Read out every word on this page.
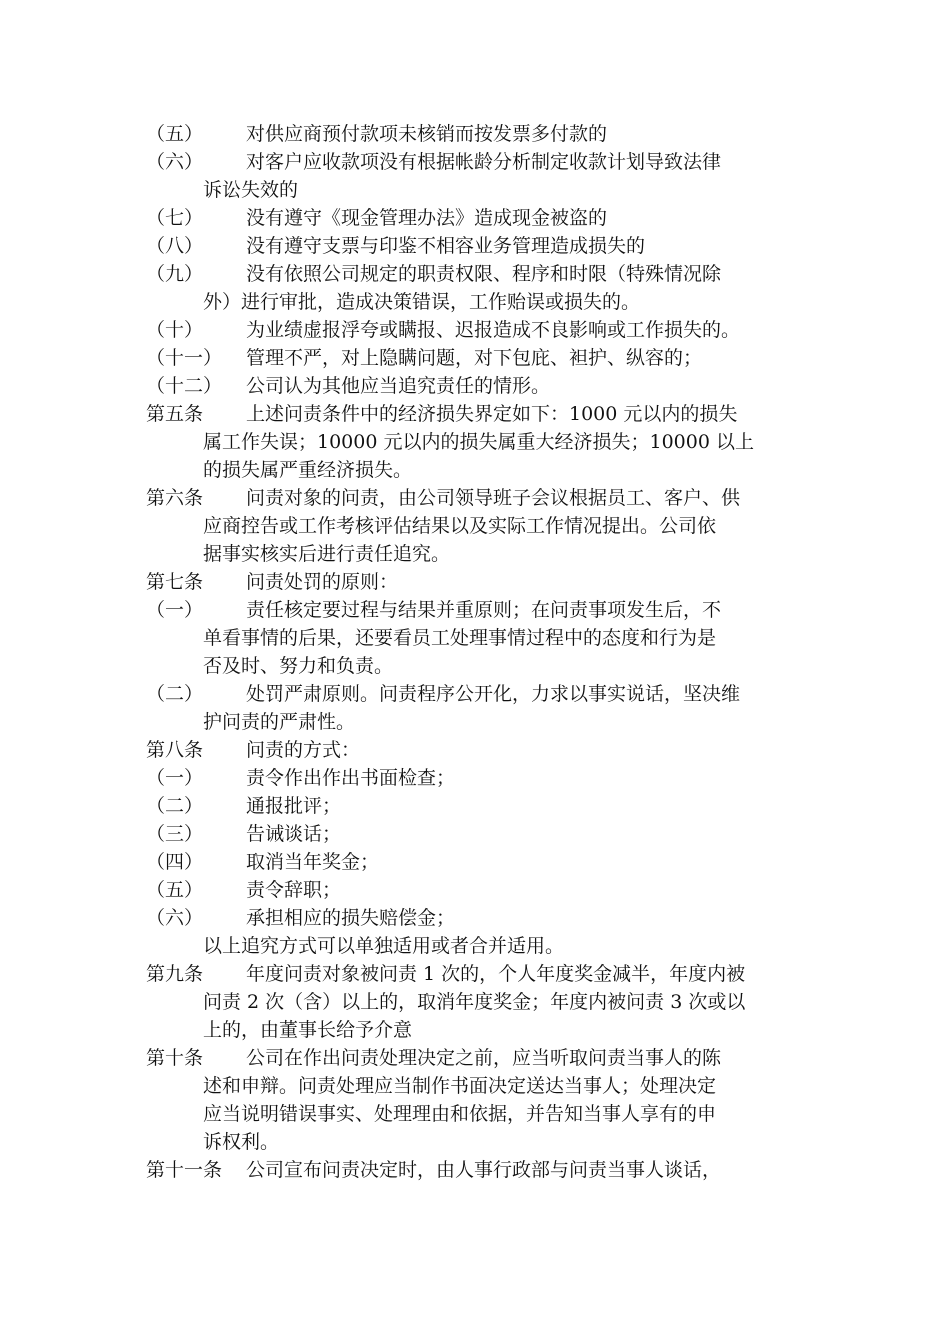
（五） 对供应商预付款项未核销而按发票多付款的
（六） 对客户应收款项没有根据帐龄分析制定收款计划导致法律
诉讼失效的
（七） 没有遵守《现金管理办法》造成现金被盗的
（八） 没有遵守支票与印鉴不相容业务管理造成损失的
（九） 没有依照公司规定的职责权限、程序和时限（特殊情况除
外）进行审批，造成决策错误，工作贻误或损失的。
（十） 为业绩虚报浮夸或瞒报、迟报造成不良影响或工作损失的。
（十一） 管理不严，对上隐瞒问题，对下包庇、袒护、纵容的；
（十二） 公司认为其他应当追究责任的情形。
第五条 上述问责条件中的经济损失界定如下：1000 元以内的损失
属工作失误；10000 元以内的损失属重大经济损失；10000 以上
的损失属严重经济损失。
第六条 问责对象的问责，由公司领导班子会议根据员工、客户、供
应商控告或工作考核评估结果以及实际工作情况提出。公司依
据事实核实后进行责任追究。
第七条 问责处罚的原则：
（一） 责任核定要过程与结果并重原则；在问责事项发生后，不
单看事情的后果，还要看员工处理事情过程中的态度和行为是
否及时、努力和负责。
（二） 处罚严肃原则。问责程序公开化，力求以事实说话，坚决维
护问责的严肃性。
第八条 问责的方式：
（一） 责令作出作出书面检查；
（二） 通报批评；
（三） 告诫谈话；
（四） 取消当年奖金；
（五） 责令辞职；
（六） 承担相应的损失赔偿金；
以上追究方式可以单独适用或者合并适用。
第九条 年度问责对象被问责 1 次的，个人年度奖金减半，年度内被
问责 2 次（含）以上的，取消年度奖金；年度内被问责 3 次或以
上的，由董事长给予介意
第十条 公司在作出问责处理决定之前，应当听取问责当事人的陈
述和申辩。问责处理应当制作书面决定送达当事人；处理决定
应当说明错误事实、处理理由和依据，并告知当事人享有的申
诉权利。
第十一条 公司宣布问责决定时，由人事行政部与问责当事人谈话，
